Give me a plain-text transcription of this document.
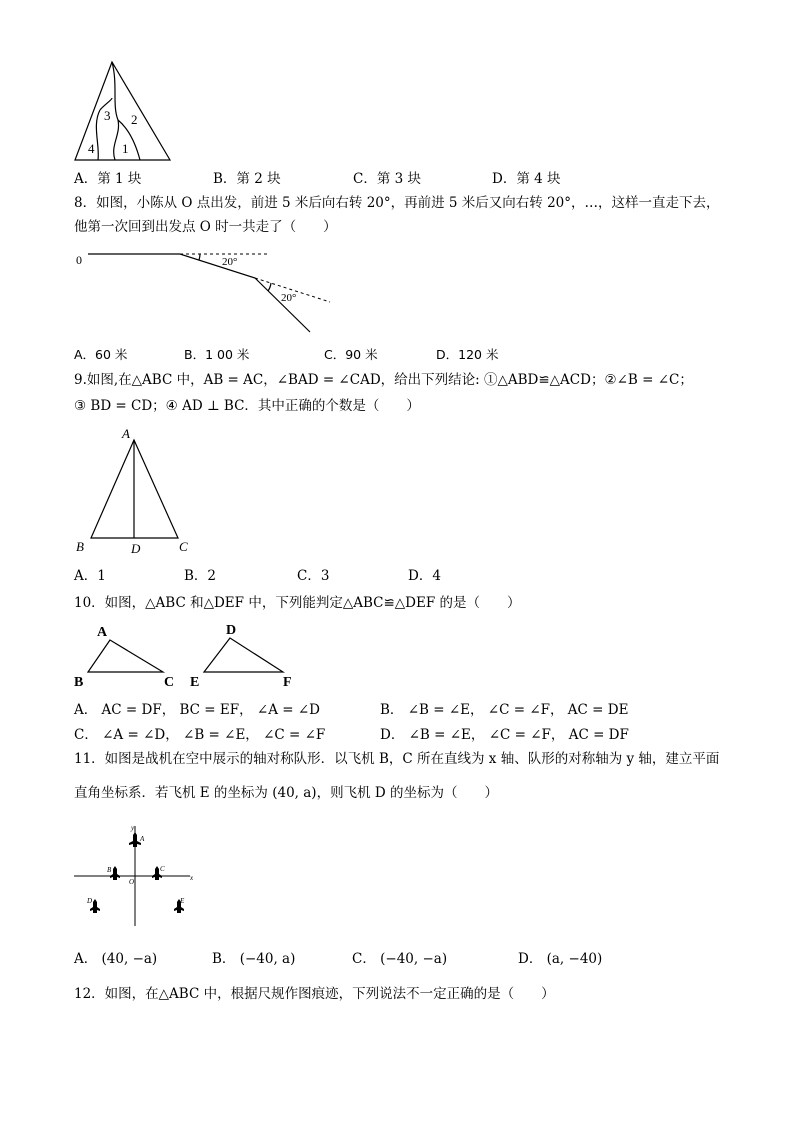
3 2
4 1
A．第 1 块	B．第 2 块	C．第 3 块	D．第 4 块
8．如图，小陈从 O 点出发，前进 5 米后向右转 20°，再前进 5 米后又向右转 20°，…，这样一直走下去，
他第一次回到出发点 O 时一共走了（　　）
0	20°
20°
A．60 米	B．1 00 米	C．90 米	D．120 米
9.如图,在△ABC 中，AB = AC，∠BAD = ∠CAD，给出下列结论: ①△ABD≌△ACD；②∠B = ∠C；
③ BD = CD；④ AD ⊥ BC．其中正确的个数是（　　）
A
B	D	C
A．1	B．2	C．3	D．4
10．如图，△ABC 和△DEF 中，下列能判定△ABC≌△DEF 的是（　　）
A
B	C
D
E	F
A． AC = DF， BC = EF， ∠A = ∠D	B． ∠B = ∠E， ∠C = ∠F， AC = DE
C． ∠A = ∠D， ∠B = ∠E， ∠C = ∠F	D． ∠B = ∠E， ∠C = ∠F， AC = DF
11．如图是战机在空中展示的轴对称队形．以飞机 B，C 所在直线为 x 轴、队形的对称轴为 y 轴，建立平面
直角坐标系．若飞机 E 的坐标为 (40, a)，则飞机 D 的坐标为（　　）
y
x
O
A
B	C
D	E
A． (40, −a)	B． (−40, a)	C． (−40, −a)	D． (a, −40)
12．如图，在△ABC 中，根据尺规作图痕迹，下列说法不一定正确的是（　　）
